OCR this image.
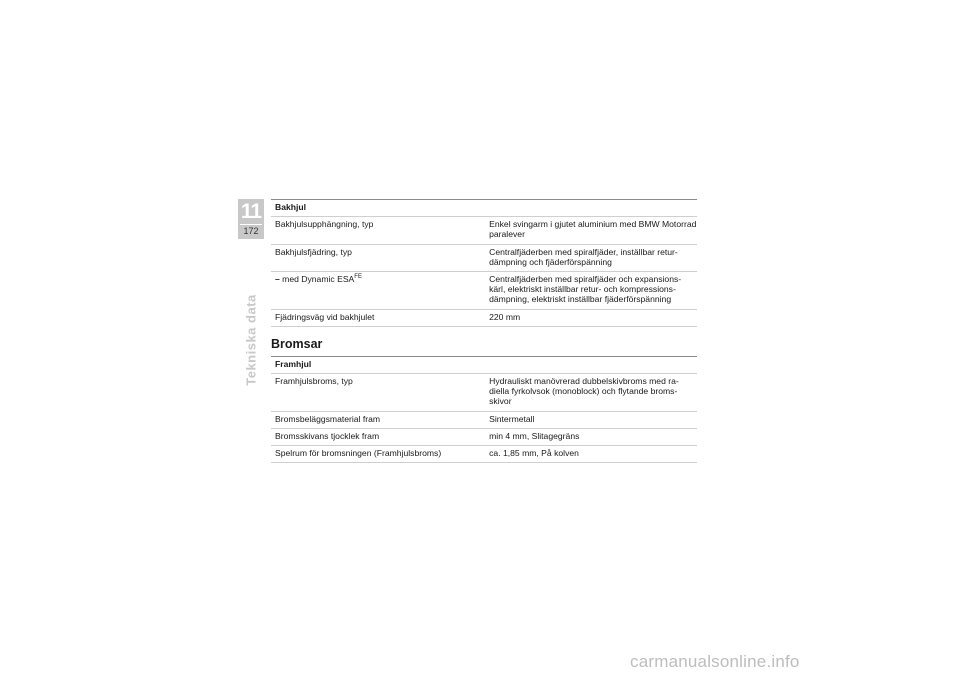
11
172
Tekniska data
Bakhjul	
Bakhjulsupphängning, typ	Enkel svingarm i gjutet aluminium med BMW Motorrad paralever
Bakhjulsfjädring, typ	Centralfjäderben med spiralfjäder, inställbar retur-dämpning och fjäderförspänning
– med Dynamic $ESA^{FE}$	Centralfjäderben med spiralfjäder och expansions-kärl, elektriskt inställbar retur- och kompressions-dämpning, elektriskt inställbar fjäderförspänning
Fjädringsväg vid bakhjulet	220 mm
Bromsar
Framhjul	
Framhjulsbroms, typ	Hydrauliskt manövrerad dubbelskivbroms med ra-diella fyrkolvsok (monoblock) och flytande broms-skivor
Bromsbeläggsmaterial fram	Sintermetall
Bromsskivans tjocklek fram	min 4 mm, Slitagegräns
Spelrum för bromsningen (Framhjulsbroms)	ca. 1,85 mm, På kolven
carmanualsonline.info
